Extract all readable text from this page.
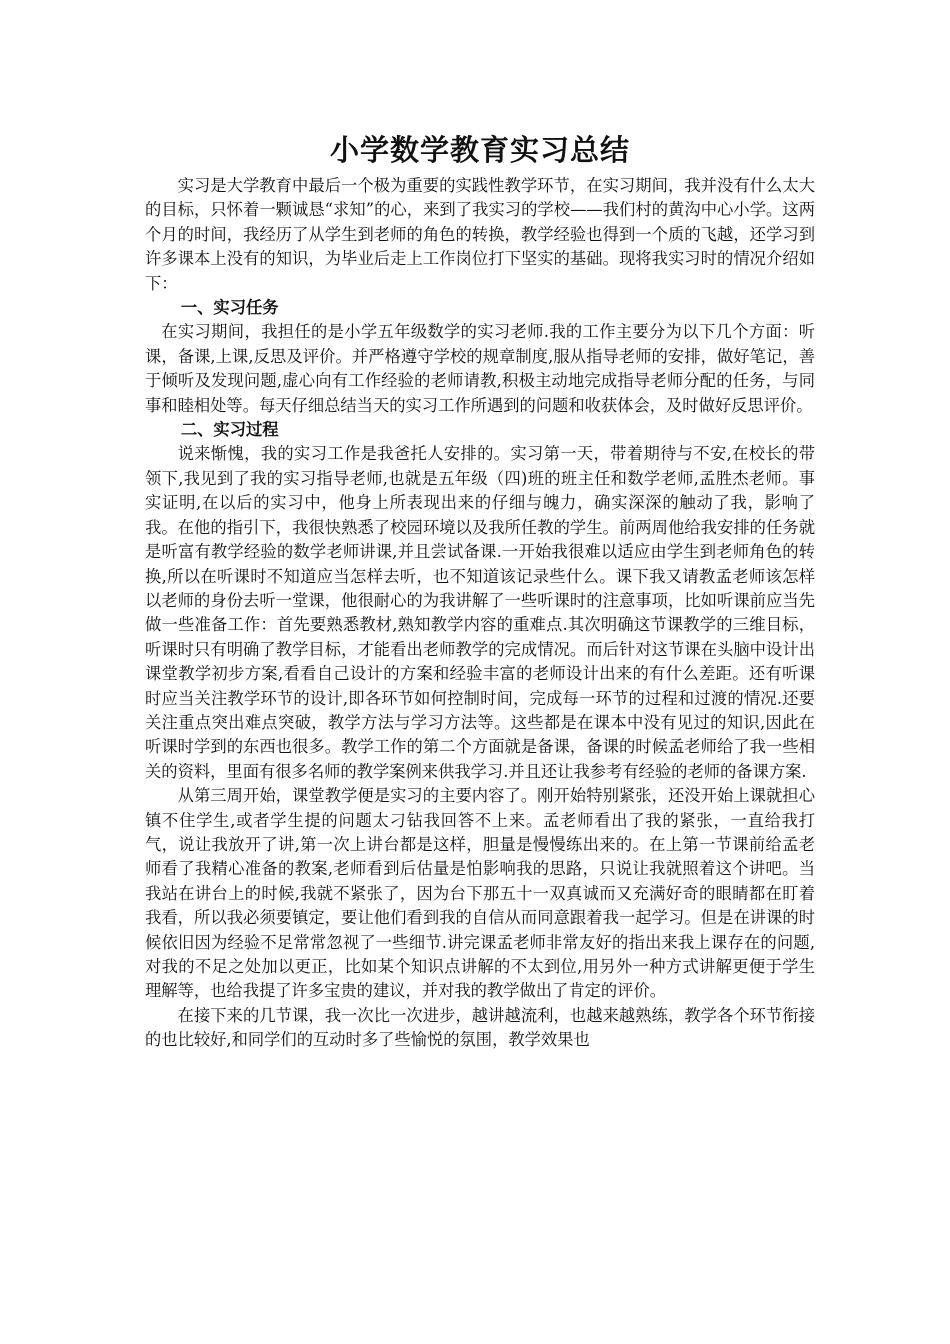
小学数学教育实习总结

实习是大学教育中最后一个极为重要的实践性教学环节，在实习期间，我并没有什么太大的目标，只怀着一颗诚恳“求知”的心，来到了我实习的学校——我们村的黄沟中心小学。这两个月的时间，我经历了从学生到老师的角色的转换，教学经验也得到一个质的飞越，还学习到许多课本上没有的知识，为毕业后走上工作岗位打下坚实的基础。现将我实习时的情况介绍如下：

一、实习任务

在实习期间，我担任的是小学五年级数学的实习老师.我的工作主要分为以下几个方面：听课，备课,上课,反思及评价。并严格遵守学校的规章制度,服从指导老师的安排，做好笔记，善于倾听及发现问题,虚心向有工作经验的老师请教,积极主动地完成指导老师分配的任务，与同事和睦相处等。每天仔细总结当天的实习工作所遇到的问题和收获体会，及时做好反思评价。

二、实习过程

说来惭愧，我的实习工作是我爸托人安排的。实习第一天，带着期待与不安,在校长的带领下,我见到了我的实习指导老师,也就是五年级（四)班的班主任和数学老师,孟胜杰老师。事实证明,在以后的实习中，他身上所表现出来的仔细与魄力，确实深深的触动了我，影响了我。在他的指引下，我很快熟悉了校园环境以及我所任教的学生。前两周他给我安排的任务就是听富有教学经验的数学老师讲课,并且尝试备课.一开始我很难以适应由学生到老师角色的转换,所以在听课时不知道应当怎样去听，也不知道该记录些什么。课下我又请教孟老师该怎样以老师的身份去听一堂课，他很耐心的为我讲解了一些听课时的注意事项，比如听课前应当先做一些准备工作：首先要熟悉教材,熟知教学内容的重难点.其次明确这节课教学的三维目标，听课时只有明确了教学目标，才能看出老师教学的完成情况。而后针对这节课在头脑中设计出课堂教学初步方案,看看自己设计的方案和经验丰富的老师设计出来的有什么差距。还有听课时应当关注教学环节的设计,即各环节如何控制时间，完成每一环节的过程和过渡的情况.还要关注重点突出难点突破，教学方法与学习方法等。这些都是在课本中没有见过的知识,因此在听课时学到的东西也很多。教学工作的第二个方面就是备课，备课的时候孟老师给了我一些相关的资料，里面有很多名师的教学案例来供我学习.并且还让我参考有经验的老师的备课方案.

从第三周开始，课堂教学便是实习的主要内容了。刚开始特别紧张，还没开始上课就担心镇不住学生,或者学生提的问题太刁钻我回答不上来。孟老师看出了我的紧张，一直给我打气，说让我放开了讲,第一次上讲台都是这样，胆量是慢慢练出来的。在上第一节课前给孟老师看了我精心准备的教案,老师看到后估量是怕影响我的思路，只说让我就照着这个讲吧。当我站在讲台上的时候,我就不紧张了，因为台下那五十一双真诚而又充满好奇的眼睛都在盯着我看，所以我必须要镇定，要让他们看到我的自信从而同意跟着我一起学习。但是在讲课的时候依旧因为经验不足常常忽视了一些细节.讲完课孟老师非常友好的指出来我上课存在的问题,对我的不足之处加以更正，比如某个知识点讲解的不太到位,用另外一种方式讲解更便于学生理解等，也给我提了许多宝贵的建议，并对我的教学做出了肯定的评价。

在接下来的几节课，我一次比一次进步，越讲越流利，也越来越熟练，教学各个环节衔接的也比较好,和同学们的互动时多了些愉悦的氛围，教学效果也
